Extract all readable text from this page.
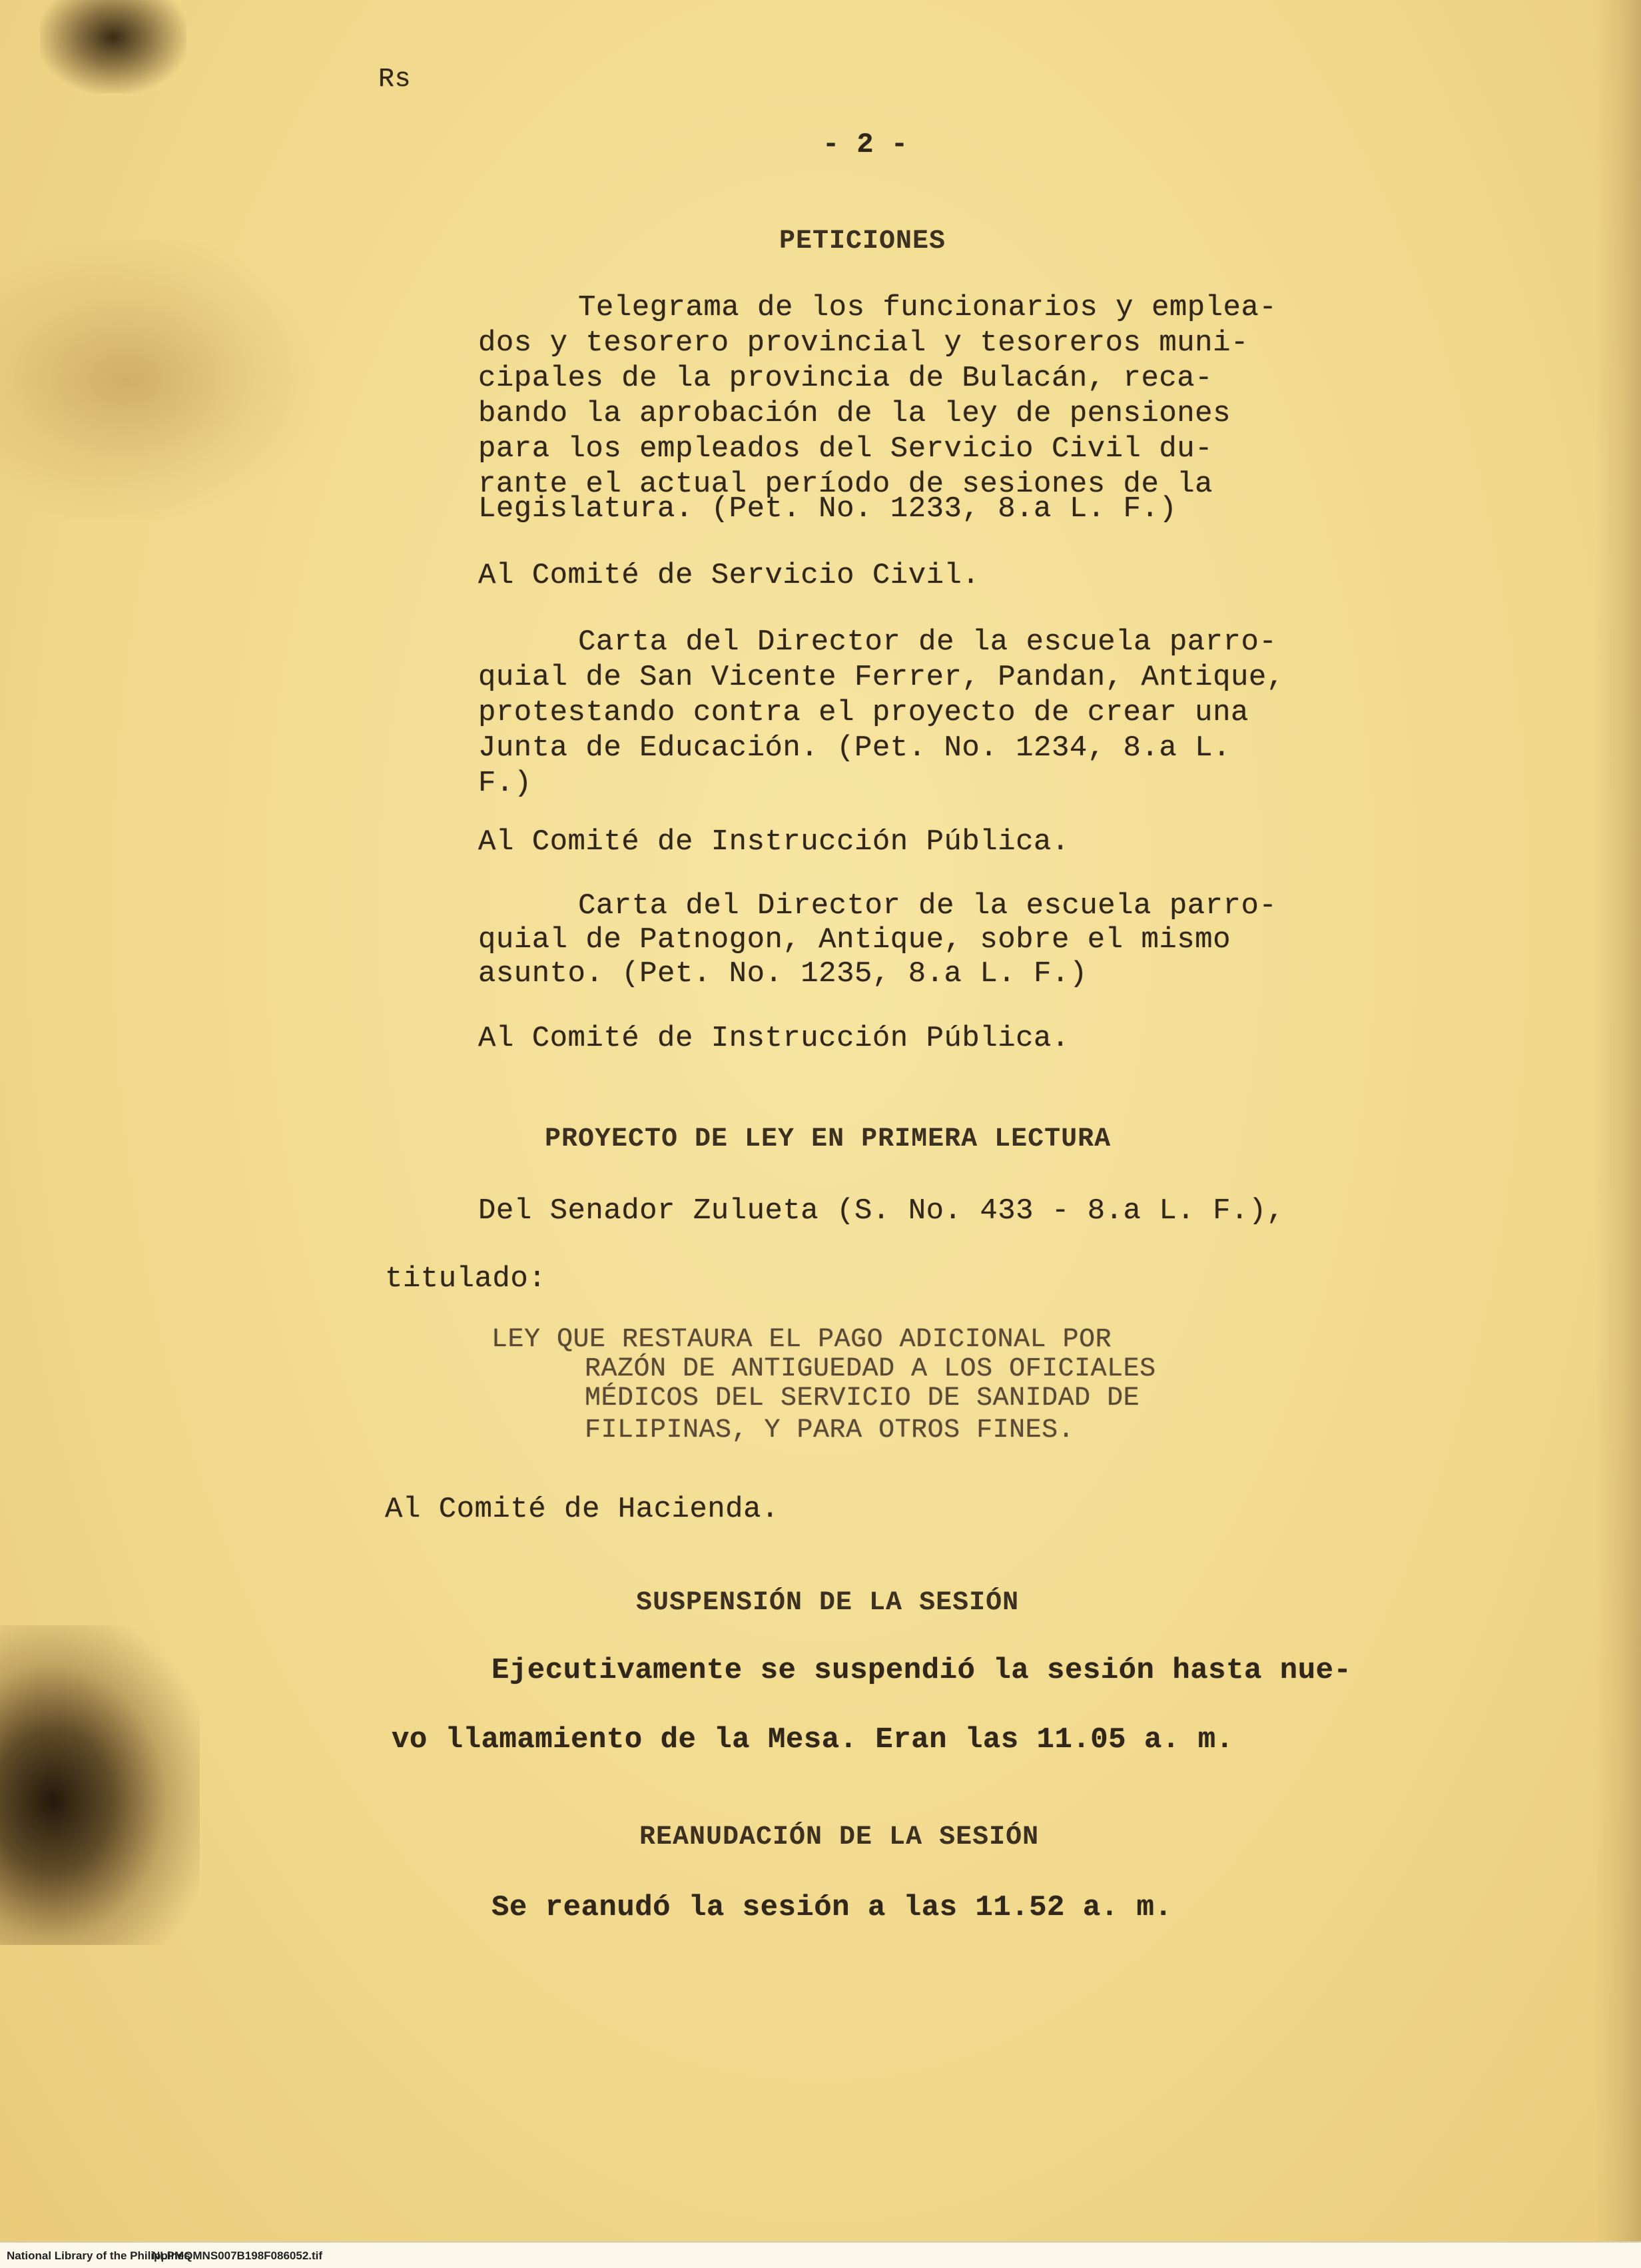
Rs
- 2 -
PETICIONES
Telegrama de los funcionarios y emplea-
dos y tesorero provincial y tesoreros muni-
cipales de la provincia de Bulacán, reca-
bando la aprobación de la ley de pensiones
para los empleados del Servicio Civil du-
rante el actual período de sesiones de la
Legislatura. (Pet. No. 1233, 8.a L. F.)
Al Comité de Servicio Civil.
Carta del Director de la escuela parro-
quial de San Vicente Ferrer, Pandan, Antique,
protestando contra el proyecto de crear una
Junta de Educación. (Pet. No. 1234, 8.a L.
F.)
Al Comité de Instrucción Pública.
Carta del Director de la escuela parro-
quial de Patnogon, Antique, sobre el mismo
asunto. (Pet. No. 1235, 8.a L. F.)
Al Comité de Instrucción Pública.
PROYECTO DE LEY EN PRIMERA LECTURA
Del Senador Zulueta (S. No. 433 - 8.a L. F.),
titulado:
LEY QUE RESTAURA EL PAGO ADICIONAL POR
RAZÓN DE ANTIGUEDAD A LOS OFICIALES
MÉDICOS DEL SERVICIO DE SANIDAD DE
FILIPINAS, Y PARA OTROS FINES.
Al Comité de Hacienda.
SUSPENSIÓN DE LA SESIÓN
Ejecutivamente se suspendió la sesión hasta nue-
vo llamamiento de la Mesa. Eran las 11.05 a. m.
REANUDACIÓN DE LA SESIÓN
Se reanudó la sesión a las 11.52 a. m.
National Library of the Philippines
NLPMQMNS007B198F086052.tif
